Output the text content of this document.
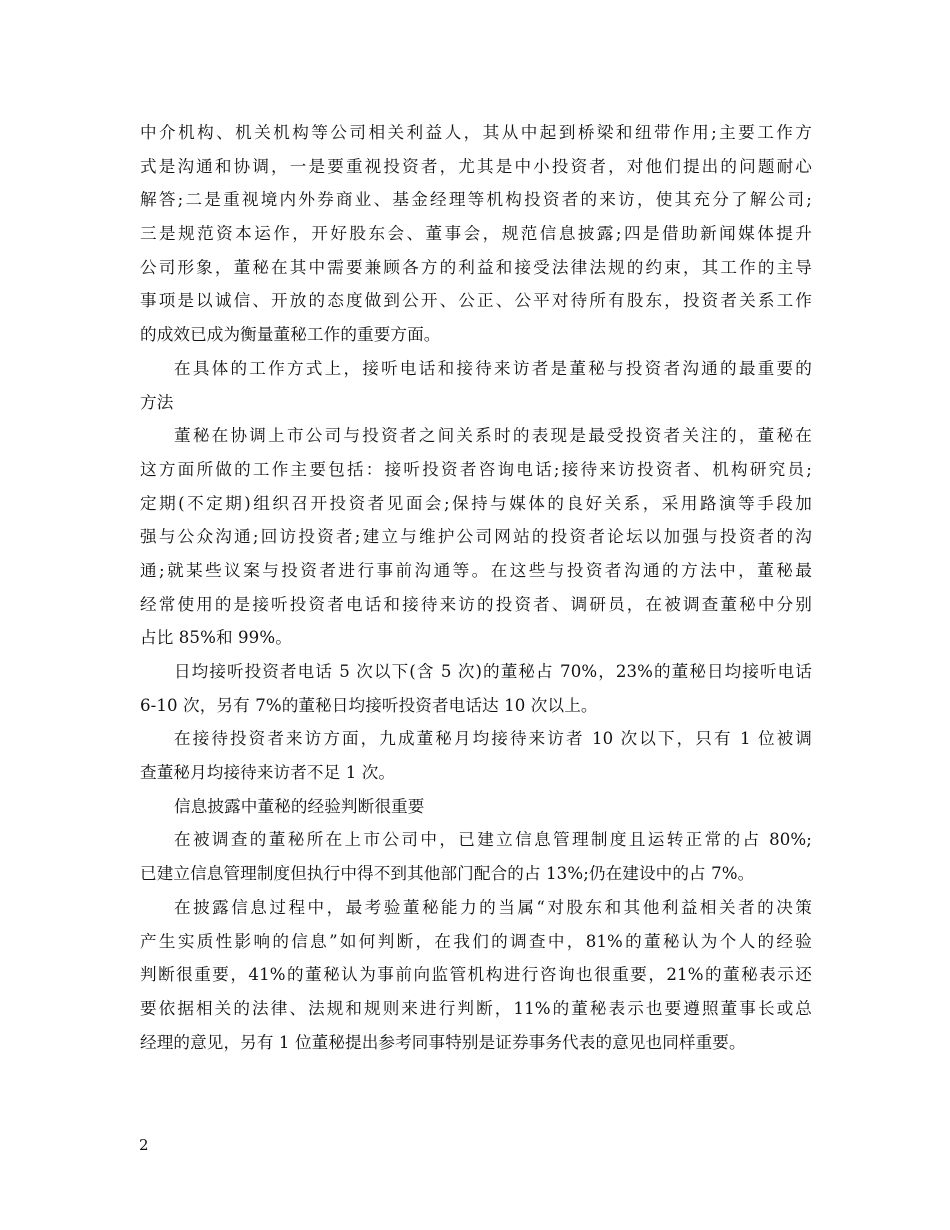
中介机构、机关机构等公司相关利益人，其从中起到桥梁和纽带作用;主要工作方
式是沟通和协调，一是要重视投资者，尤其是中小投资者，对他们提出的问题耐心
解答;二是重视境内外券商业、基金经理等机构投资者的来访，使其充分了解公司;
三是规范资本运作，开好股东会、董事会，规范信息披露;四是借助新闻媒体提升
公司形象，董秘在其中需要兼顾各方的利益和接受法律法规的约束，其工作的主导
事项是以诚信、开放的态度做到公开、公正、公平对待所有股东，投资者关系工作
的成效已成为衡量董秘工作的重要方面。
在具体的工作方式上，接听电话和接待来访者是董秘与投资者沟通的最重要的
方法
董秘在协调上市公司与投资者之间关系时的表现是最受投资者关注的，董秘在
这方面所做的工作主要包括：接听投资者咨询电话;接待来访投资者、机构研究员;
定期(不定期)组织召开投资者见面会;保持与媒体的良好关系，采用路演等手段加
强与公众沟通;回访投资者;建立与维护公司网站的投资者论坛以加强与投资者的沟
通;就某些议案与投资者进行事前沟通等。在这些与投资者沟通的方法中，董秘最
经常使用的是接听投资者电话和接待来访的投资者、调研员，在被调查董秘中分别
占比 85%和 99%。
日均接听投资者电话 5 次以下(含 5 次)的董秘占 70%，23%的董秘日均接听电话
6-10 次，另有 7%的董秘日均接听投资者电话达 10 次以上。
在接待投资者来访方面，九成董秘月均接待来访者 10 次以下，只有 1 位被调
查董秘月均接待来访者不足 1 次。
信息披露中董秘的经验判断很重要
在被调查的董秘所在上市公司中，已建立信息管理制度且运转正常的占 80%;
已建立信息管理制度但执行中得不到其他部门配合的占 13%;仍在建设中的占 7%。
在披露信息过程中，最考验董秘能力的当属“对股东和其他利益相关者的决策
产生实质性影响的信息”如何判断，在我们的调查中，81%的董秘认为个人的经验
判断很重要，41%的董秘认为事前向监管机构进行咨询也很重要，21%的董秘表示还
要依据相关的法律、法规和规则来进行判断，11%的董秘表示也要遵照董事长或总
经理的意见，另有 1 位董秘提出参考同事特别是证券事务代表的意见也同样重要。
2
